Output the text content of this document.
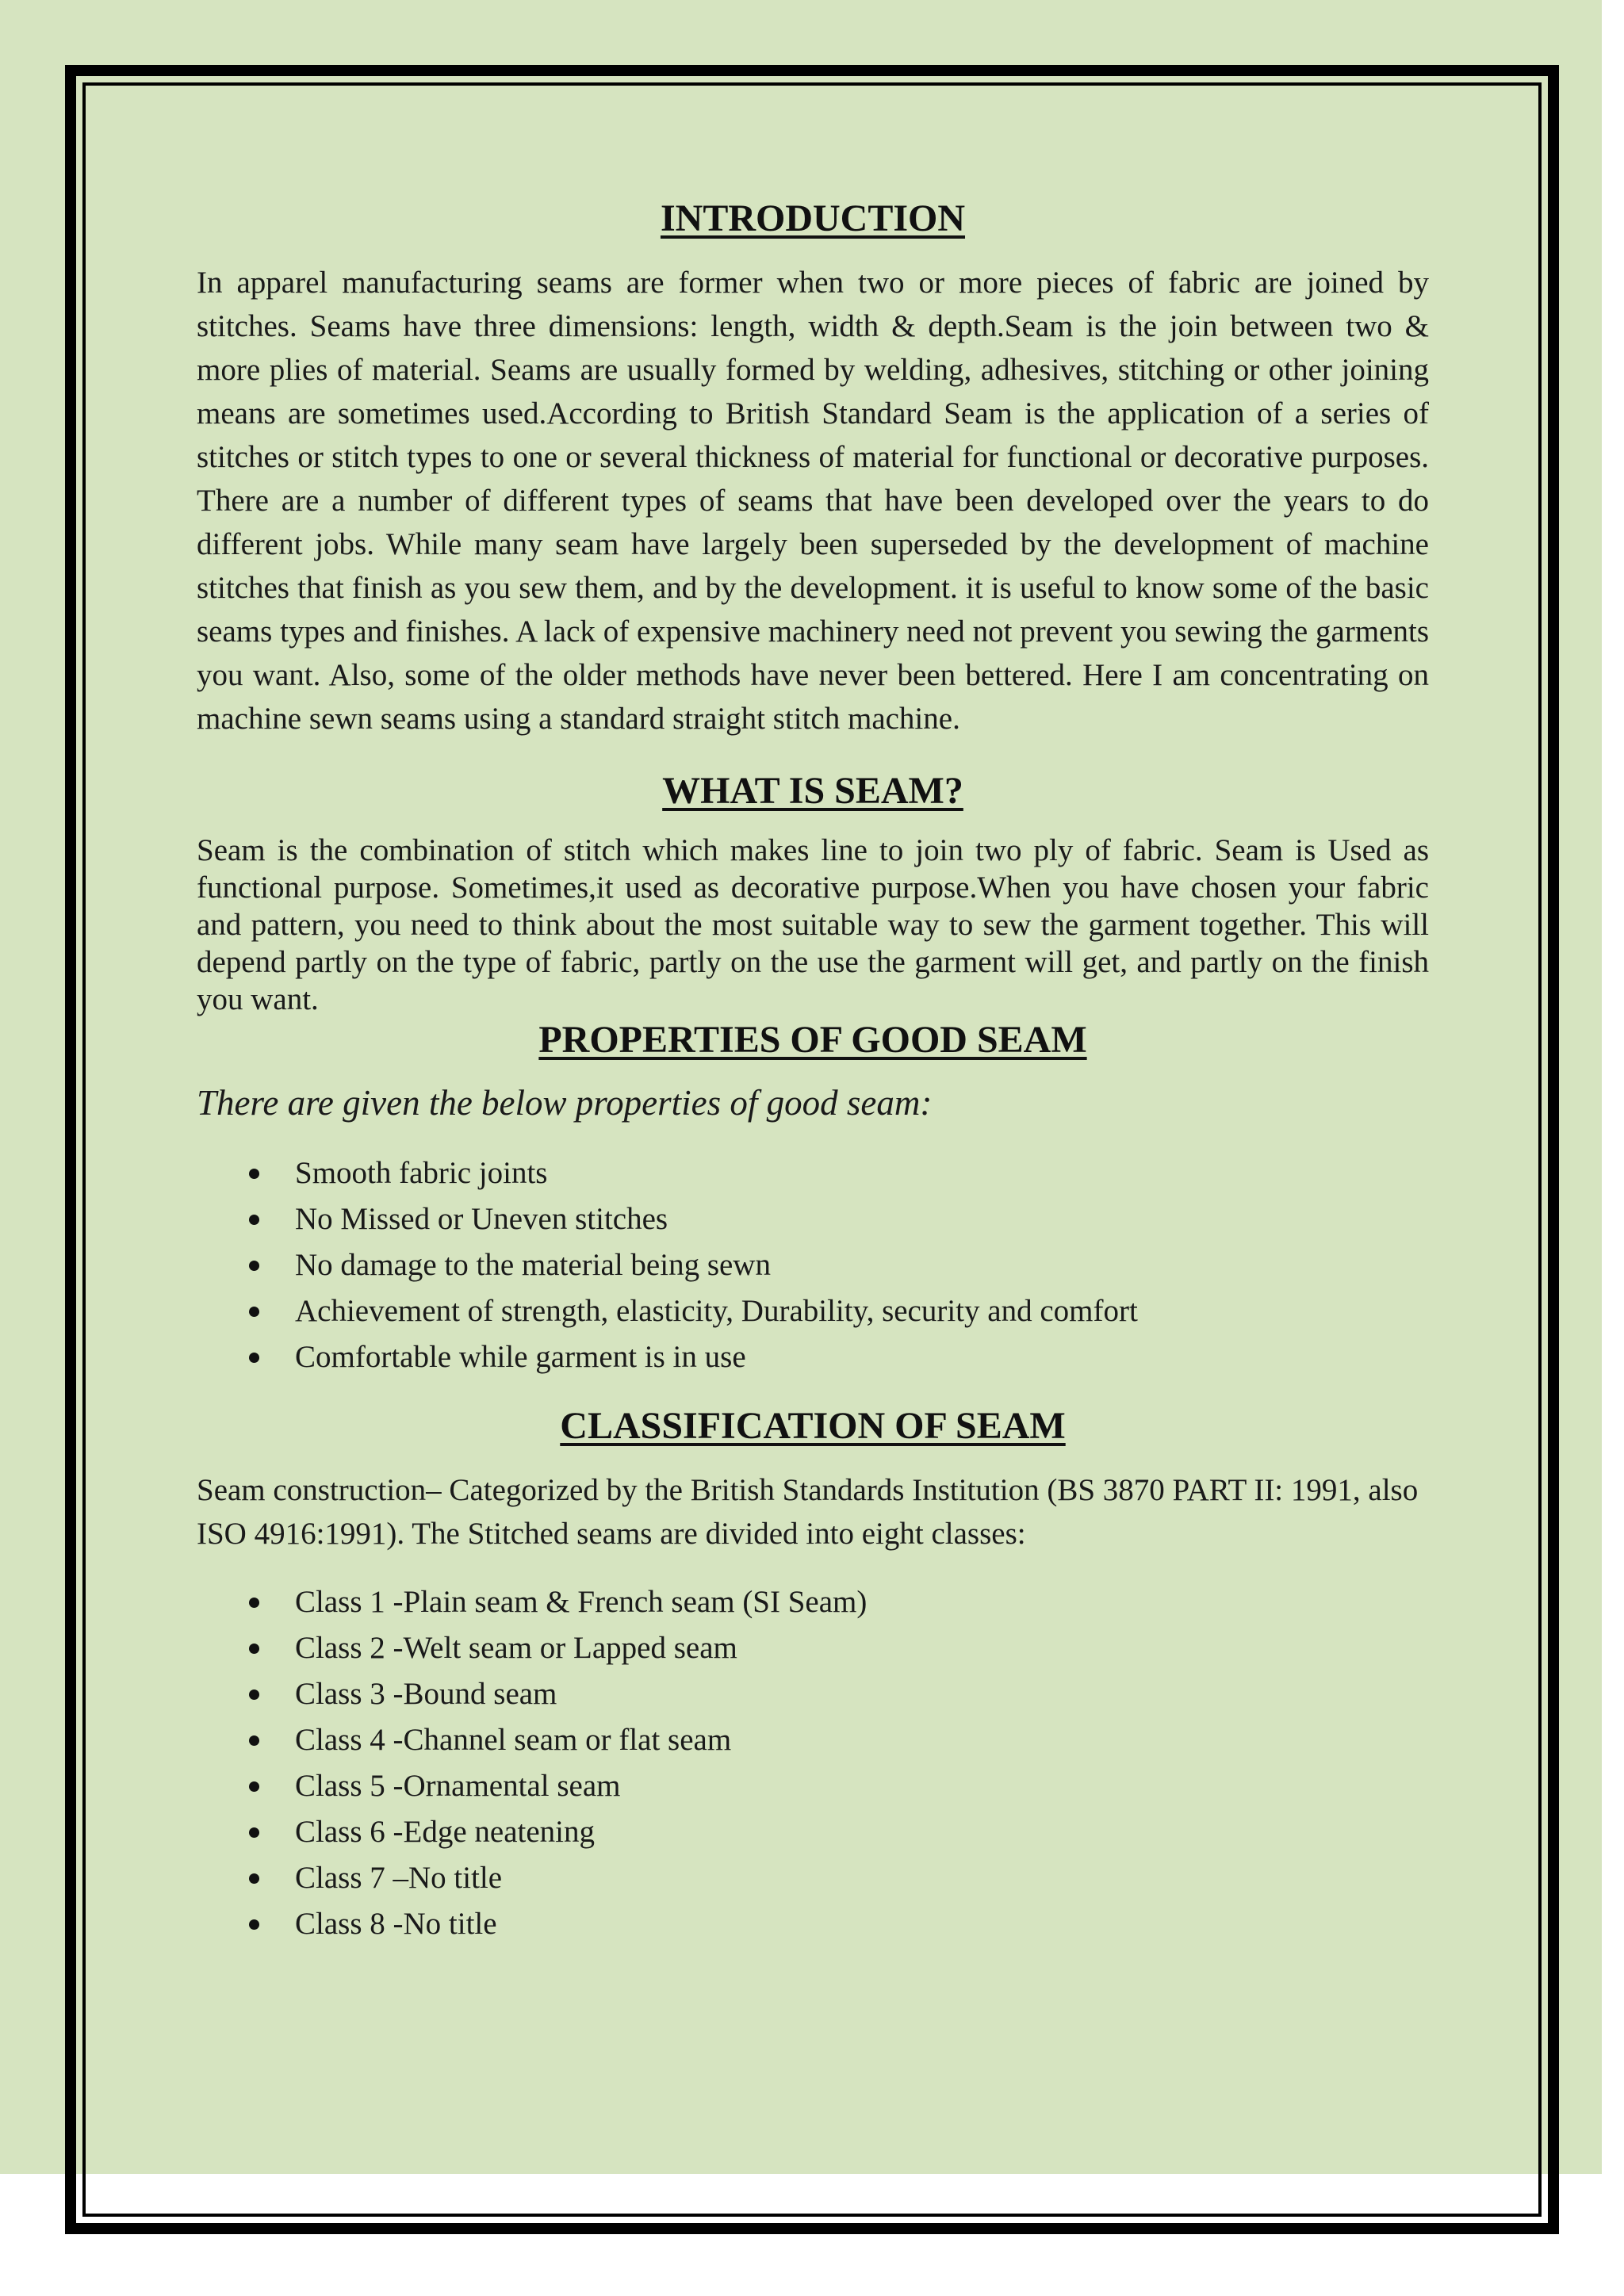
INTRODUCTION

In apparel manufacturing seams are former when two or more pieces of fabric are joined by stitches. Seams have three dimensions: length, width & depth.Seam is the join between two & more plies of material. Seams are usually formed by welding, adhesives, stitching or other joining means are sometimes used.According to British Standard Seam is the application of a series of stitches or stitch types to one or several thickness of material for functional or decorative purposes. There are a number of different types of seams that have been developed over the years to do different jobs. While many seam have largely been superseded by the development of machine stitches that finish as you sew them, and by the development. it is useful to know some of the basic seams types and finishes. A lack of expensive machinery need not prevent you sewing the garments you want. Also, some of the older methods have never been bettered. Here I am concentrating on machine sewn seams using a standard straight stitch machine.

WHAT IS SEAM?

Seam is the combination of stitch which makes line to join two ply of fabric. Seam is Used as functional purpose. Sometimes,it used as decorative purpose.When you have chosen your fabric and pattern, you need to think about the most suitable way to sew the garment together. This will depend partly on the type of fabric, partly on the use the garment will get, and partly on the finish you want.

PROPERTIES OF GOOD SEAM

There are given the below properties of good seam:

Smooth fabric joints
No Missed or Uneven stitches
No damage to the material being sewn
Achievement of strength, elasticity, Durability, security and comfort
Comfortable while garment is in use
CLASSIFICATION OF SEAM

Seam construction– Categorized by the British Standards Institution (BS 3870 PART II: 1991, also ISO 4916:1991). The Stitched seams are divided into eight classes:

Class 1 -Plain seam & French seam (SI Seam)
Class 2 -Welt seam or Lapped seam
Class 3 -Bound seam
Class 4 -Channel seam or flat seam
Class 5 -Ornamental seam
Class 6 -Edge neatening
Class 7 –No title
Class 8 -No title
